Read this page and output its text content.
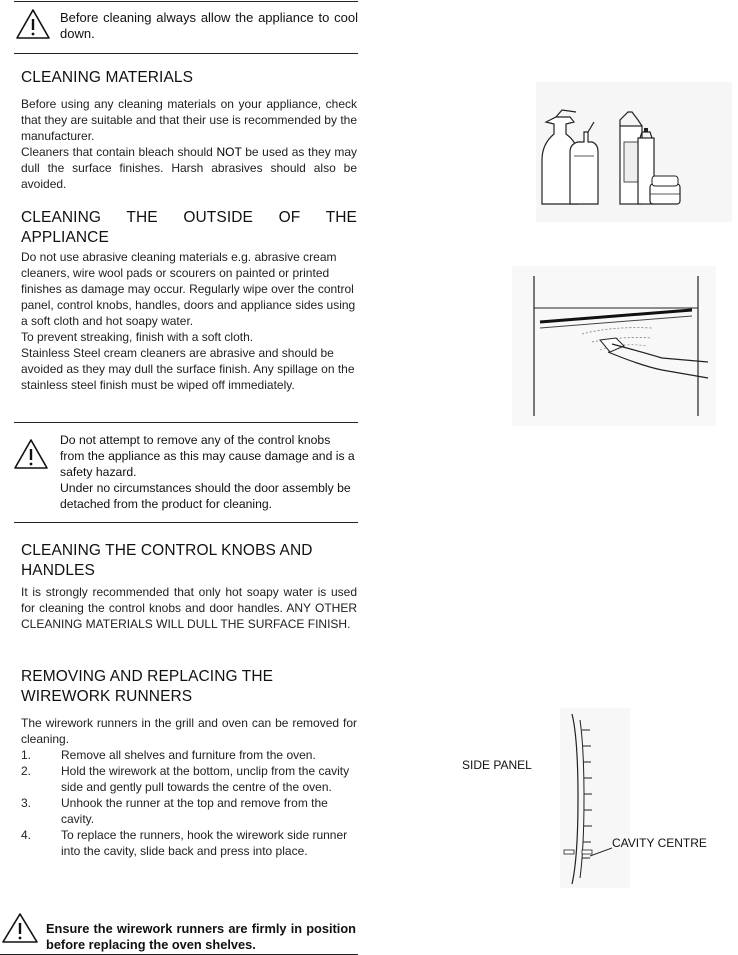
Before cleaning always allow the appliance to cool down.
CLEANING MATERIALS

Before using any cleaning materials on your appliance, check that they are suitable and that their use is recommended by the manufacturer.

Cleaners that contain bleach should NOT be used as they may dull the surface finishes. Harsh abrasives should also be avoided.

CLEANING THE OUTSIDE OF THE APPLIANCE

Do not use abrasive cleaning materials e.g. abrasive cream cleaners, wire wool pads or scourers on painted or printed finishes as damage may occur. Regularly wipe over the control panel, control knobs, handles, doors and appliance sides using a soft cloth and hot soapy water.

To prevent streaking, finish with a soft cloth.

Stainless Steel cream cleaners are abrasive and should be avoided as they may dull the surface finish. Any spillage on the stainless steel finish must be wiped off immediately.

Do not attempt to remove any of the control knobs from the appliance as this may cause damage and is a safety hazard.
Under no circumstances should the door assembly be detached from the product for cleaning.
CLEANING THE CONTROL KNOBS AND HANDLES
It is strongly recommended that only hot soapy water is used for cleaning the control knobs and door handles. ANY OTHER CLEANING MATERIALS WILL DULL THE SURFACE FINISH.
REMOVING AND REPLACING THE WIREWORK RUNNERS
The wirework runners in the grill and oven can be removed for cleaning.
1.	Remove all shelves and furniture from the oven.
2.	Hold the wirework at the bottom, unclip from the cavity side and gently pull towards the centre of the oven.
3.	Unhook the runner at the top and remove from the cavity.
4.	To replace the runners, hook the wirework side runner into the cavity, slide back and press into place.
Ensure the wirework runners are firmly in position before replacing the oven shelves.
SIDE PANEL
CAVITY CENTRE
